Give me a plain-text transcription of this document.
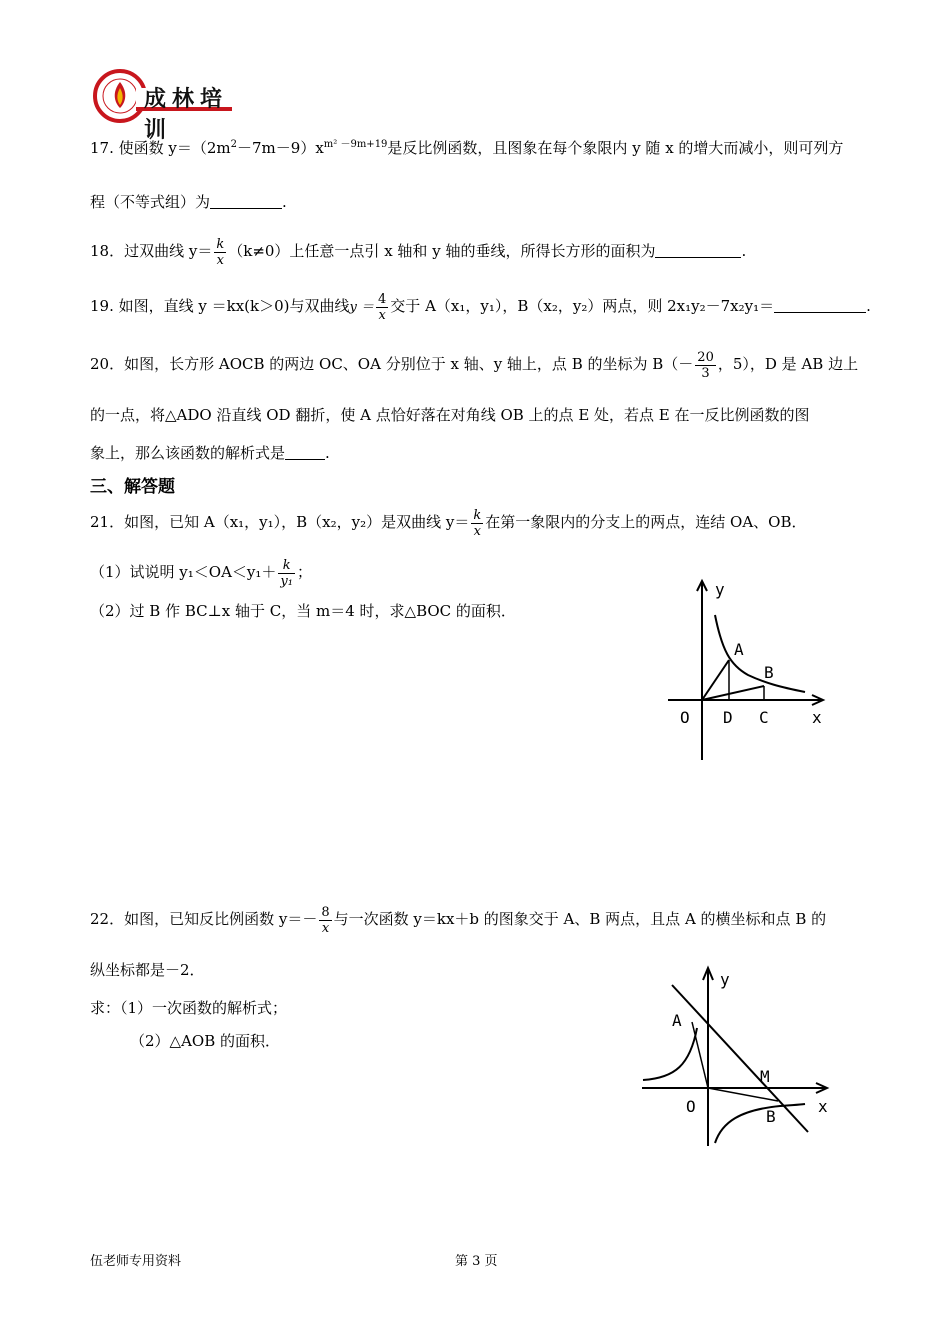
成林培训
17. 使函数 $y=(2m^2-7m-9)x^{m^2 -9m+19}$是反比例函数，且图象在每个象限内 y 随 x 的增大而减小，则可列方
程（不等式组）为	.
18．过双曲线 $y= \frac{k}{x} (k\ne 0)$上任意一点引 x 轴和 y 轴的垂线，所得长方形的面积为	.
19. 如图，直线 y ＝kx(k＞0)与双曲线$y = \frac{4}{x}$ 交于 A（x₁，y₁），B（x₂，y₂）两点，则 2x₁y₂－7x₂y₁＝	.
20．如图，长方形 AOCB 的两边 OC、OA 分别位于 x 轴、y 轴上，点 B 的坐标为 $B(- \frac{20}{3}$ ，5），D 是 AB 边上
的一点，将△ADO 沿直线 OD 翻折，使 A 点恰好落在对角线 OB 上的点 E 处，若点 E 在一反比例函数的图
象上，那么该函数的解析式是	.
三、解答题
21．如图，已知 A（x₁，y₁），B（x₂，y₂）是双曲线 $y= \frac{k}{x}$ 在第一象限内的分支上的两点，连结 OA、OB．
（1）试说明 $y_1<OA<y_1+ \frac{k}{\text{y₁}}$ ；
（2）过 B 作 BC⊥x 轴于 C，当 m＝4 时，求△BOC 的面积．
y
A
B
O D C	x
22．如图，已知反比例函数 $y=- \frac{8}{x}$ 与一次函数 y＝kx＋b 的图象交于 A、B 两点，且点 A 的横坐标和点 B 的
纵坐标都是－2．
求：（1）一次函数的解析式；
（2）△AOB 的面积．
A
y
M
O
B
x
伍老师专用资料	第 3 页
